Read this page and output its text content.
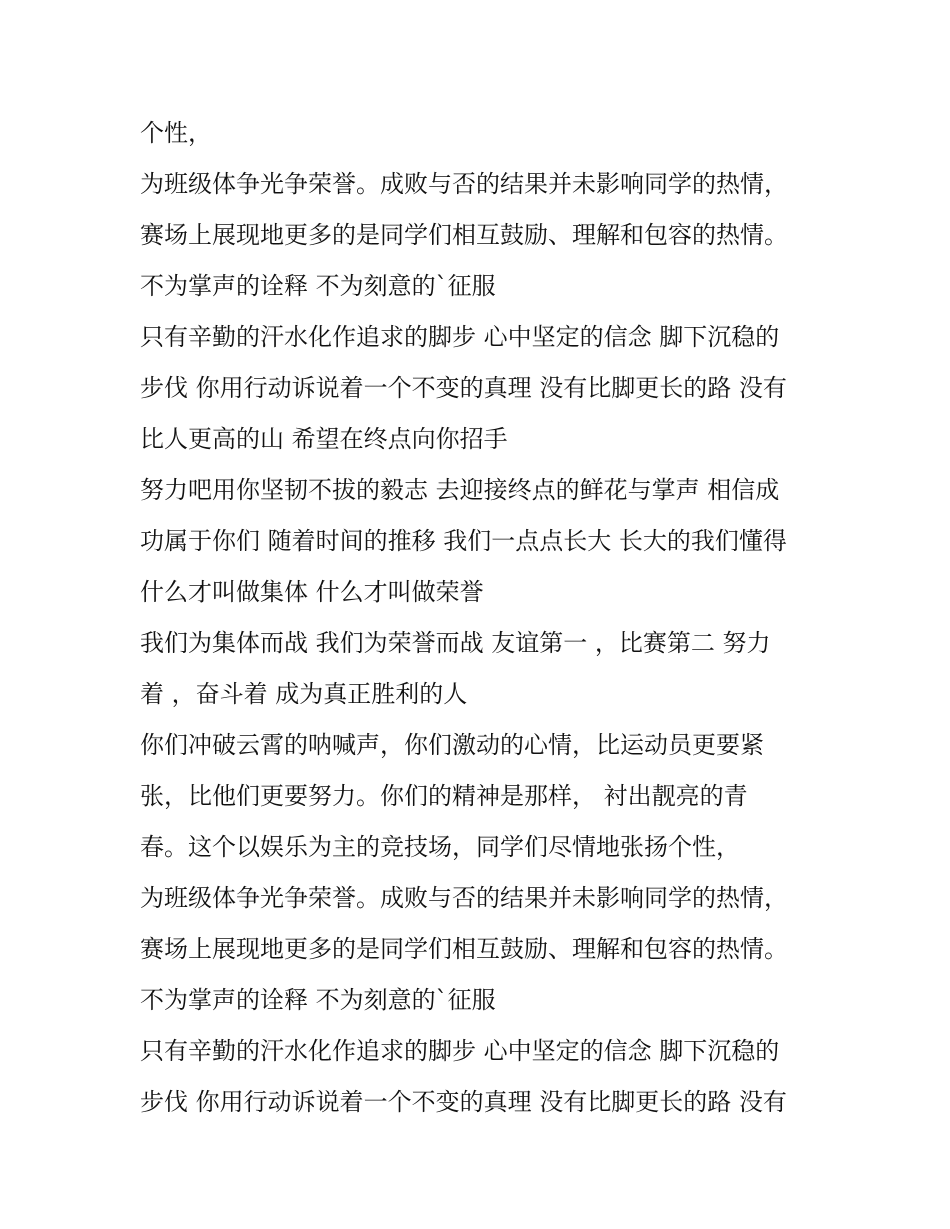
个性，
为班级体争光争荣誉。成败与否的结果并未影响同学的热情，
赛场上展现地更多的是同学们相互鼓励、理解和包容的热情。
不为掌声的诠释 不为刻意的`征服
只有辛勤的汗水化作追求的脚步 心中坚定的信念 脚下沉稳的
步伐 你用行动诉说着一个不变的真理 没有比脚更长的路 没有
比人更高的山 希望在终点向你招手
努力吧用你坚韧不拔的毅志 去迎接终点的鲜花与掌声 相信成
功属于你们 随着时间的推移 我们一点点长大 长大的我们懂得
什么才叫做集体 什么才叫做荣誉
我们为集体而战 我们为荣誉而战 友谊第一 ，比赛第二 努力
着 ，奋斗着 成为真正胜利的人
你们冲破云霄的呐喊声，你们激动的心情，比运动员更要紧
张，比他们更要努力。你们的精神是那样， 衬出靓亮的青
春。这个以娱乐为主的竞技场，同学们尽情地张扬个性，
为班级体争光争荣誉。成败与否的结果并未影响同学的热情，
赛场上展现地更多的是同学们相互鼓励、理解和包容的热情。
不为掌声的诠释 不为刻意的`征服
只有辛勤的汗水化作追求的脚步 心中坚定的信念 脚下沉稳的
步伐 你用行动诉说着一个不变的真理 没有比脚更长的路 没有
